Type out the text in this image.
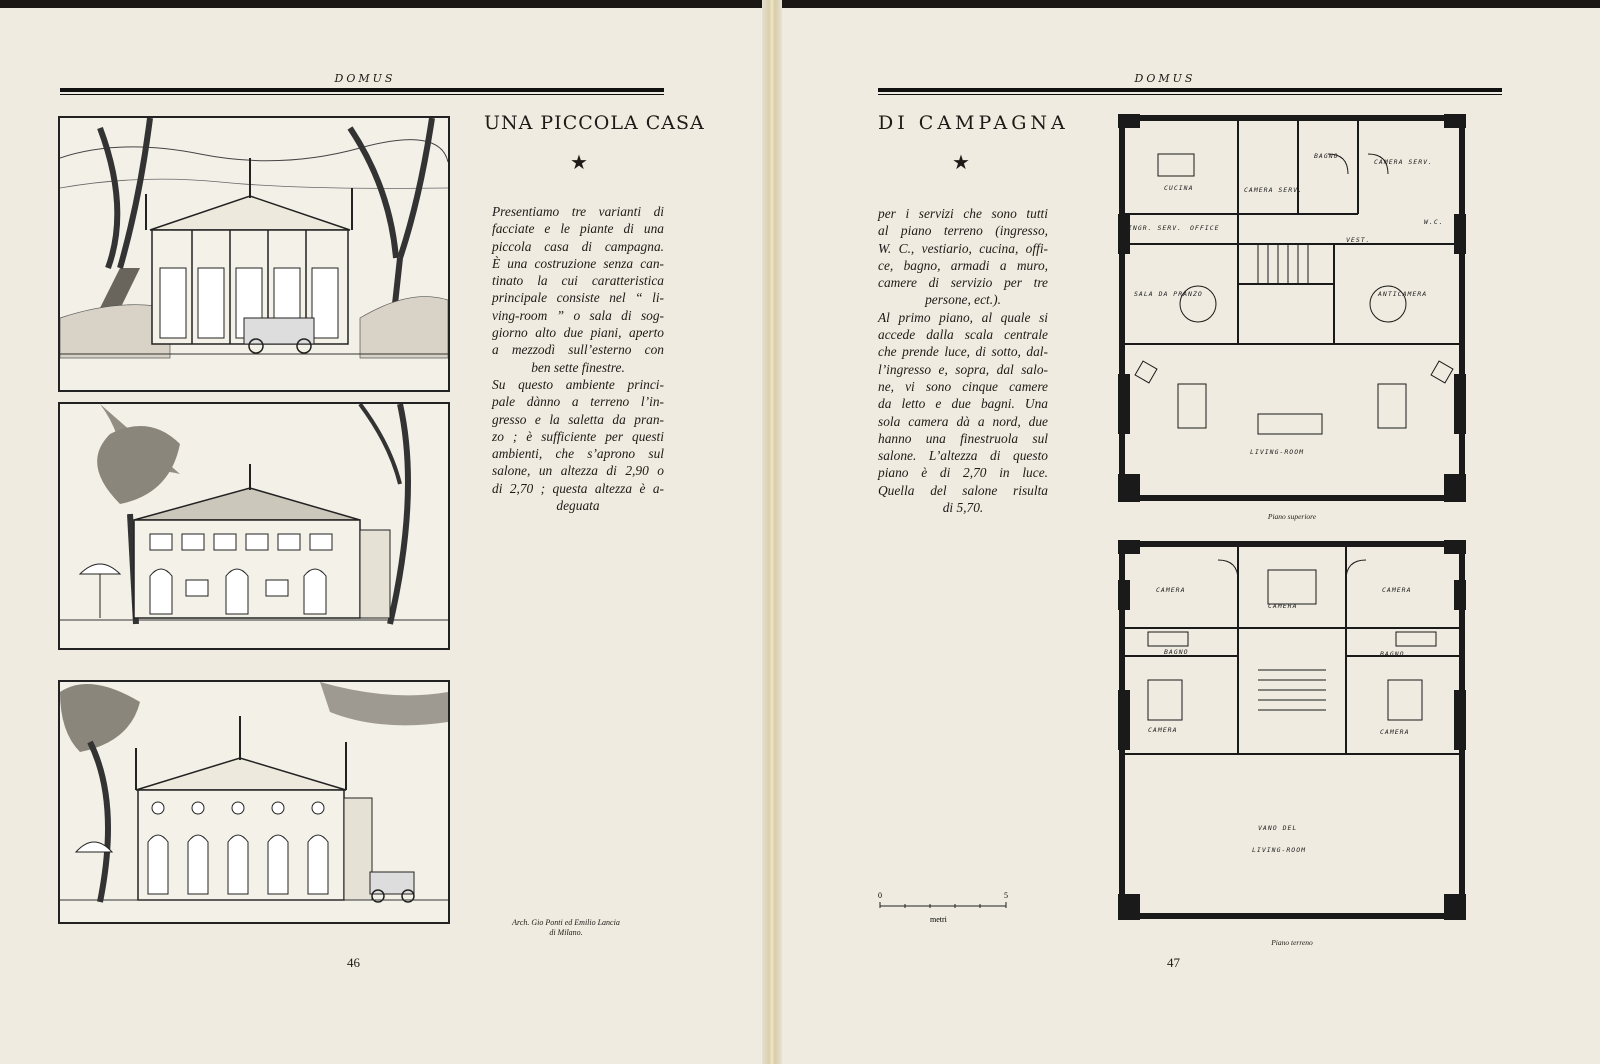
DOMUS
UNA PICCOLA CASA
★
Presentiamo tre varianti di
facciate e le piante di una
piccola casa di campagna.
È una costruzione senza can-
tinato la cui caratteristica
principale consiste nel “ li-
ving-room ” o sala di sog-
giorno alto due piani, aperto
a mezzodì sull’esterno con
ben sette finestre.
Su questo ambiente princi-
pale dànno a terreno l’in-
gresso e la saletta da pran-
zo ; è sufficiente per questi
ambienti, che s’aprono sul
salone, un altezza di 2,90 o
di 2,70 ; questa altezza è a-
deguata
Arch. Gio Ponti ed Emilio Lancia
di Milano.
46
DOMUS
DI CAMPAGNA
★
per i servizi che sono tutti
al piano terreno (ingresso,
W. C., vestiario, cucina, offi-
ce, bagno, armadi a muro,
camere di servizio per tre
persone, ect.).
Al primo piano, al quale si
accede dalla scala centrale
che prende luce, di sotto, dal-
l’ingresso e, sopra, dal salo-
ne, vi sono cinque camere
da letto e due bagni. Una
sola camera dà a nord, due
hanno una finestruola sul
salone. L’altezza di questo
piano è di 2,70 in luce.
Quella del salone risulta
di 5,70.
0	5
metri
CUCINA	CAMERA SERV.
BAGNO
CAMERA SERV.
INGR. SERV. OFFICE
VEST.
W.C.
SALA DA PRANZO	ANTICAMERA
LIVING-ROOM
Piano superiore
CAMERA
CAMERA
CAMERA
BAGNO	BAGNO
CAMERA	CAMERA
VANO DEL
LIVING-ROOM
Piano terreno
47
